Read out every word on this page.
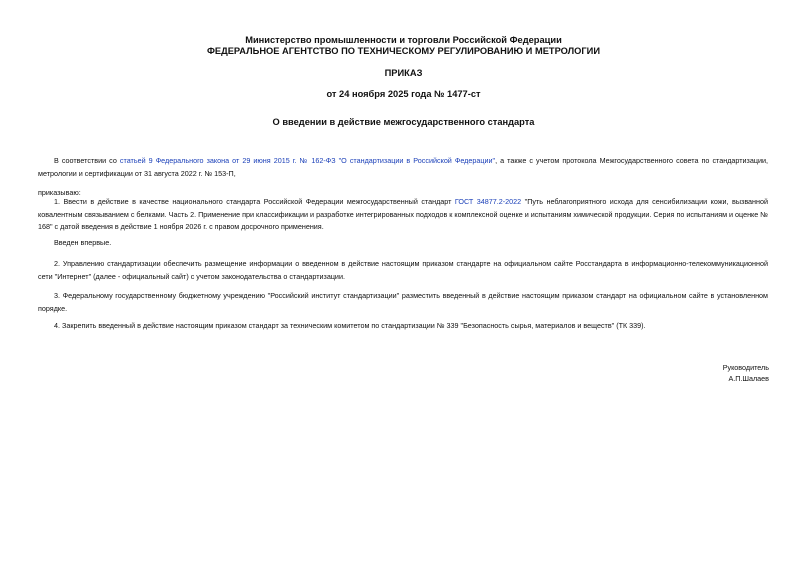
Министерство промышленности и торговли Российской Федерации
ФЕДЕРАЛЬНОЕ АГЕНТСТВО ПО ТЕХНИЧЕСКОМУ РЕГУЛИРОВАНИЮ И МЕТРОЛОГИИ
ПРИКАЗ
от 24 ноября 2025 года № 1477-ст
О введении в действие межгосударственного стандарта

В соответствии со статьей 9 Федерального закона от 29 июня 2015 г. № 162-ФЗ "О стандартизации в Российской Федерации", а также с учетом протокола Межгосударственного совета по стандартизации, метрологии и сертификации от 31 августа 2022 г. № 153-П,

приказываю:

1. Ввести в действие в качестве национального стандарта Российской Федерации межгосударственный стандарт ГОСТ 34877.2-2022 "Путь неблагоприятного исхода для сенсибилизации кожи, вызванной ковалентным связыванием с белками. Часть 2. Применение при классификации и разработке интегрированных подходов к комплексной оценке и испытаниям химической продукции. Серия по испытаниям и оценке № 168" с датой введения в действие 1 ноября 2026 г. с правом досрочного применения.

Введен впервые.

2. Управлению стандартизации обеспечить размещение информации о введенном в действие настоящим приказом стандарте на официальном сайте Росстандарта в информационно-телекоммуникационной сети "Интернет" (далее - официальный сайт) с учетом законодательства о стандартизации.

3. Федеральному государственному бюджетному учреждению "Российский институт стандартизации" разместить введенный в действие настоящим приказом стандарт на официальном сайте в установленном порядке.

4. Закрепить введенный в действие настоящим приказом стандарт за техническим комитетом по стандартизации № 339 "Безопасность сырья, материалов и веществ" (ТК 339).

Руководитель
А.П.Шалаев
